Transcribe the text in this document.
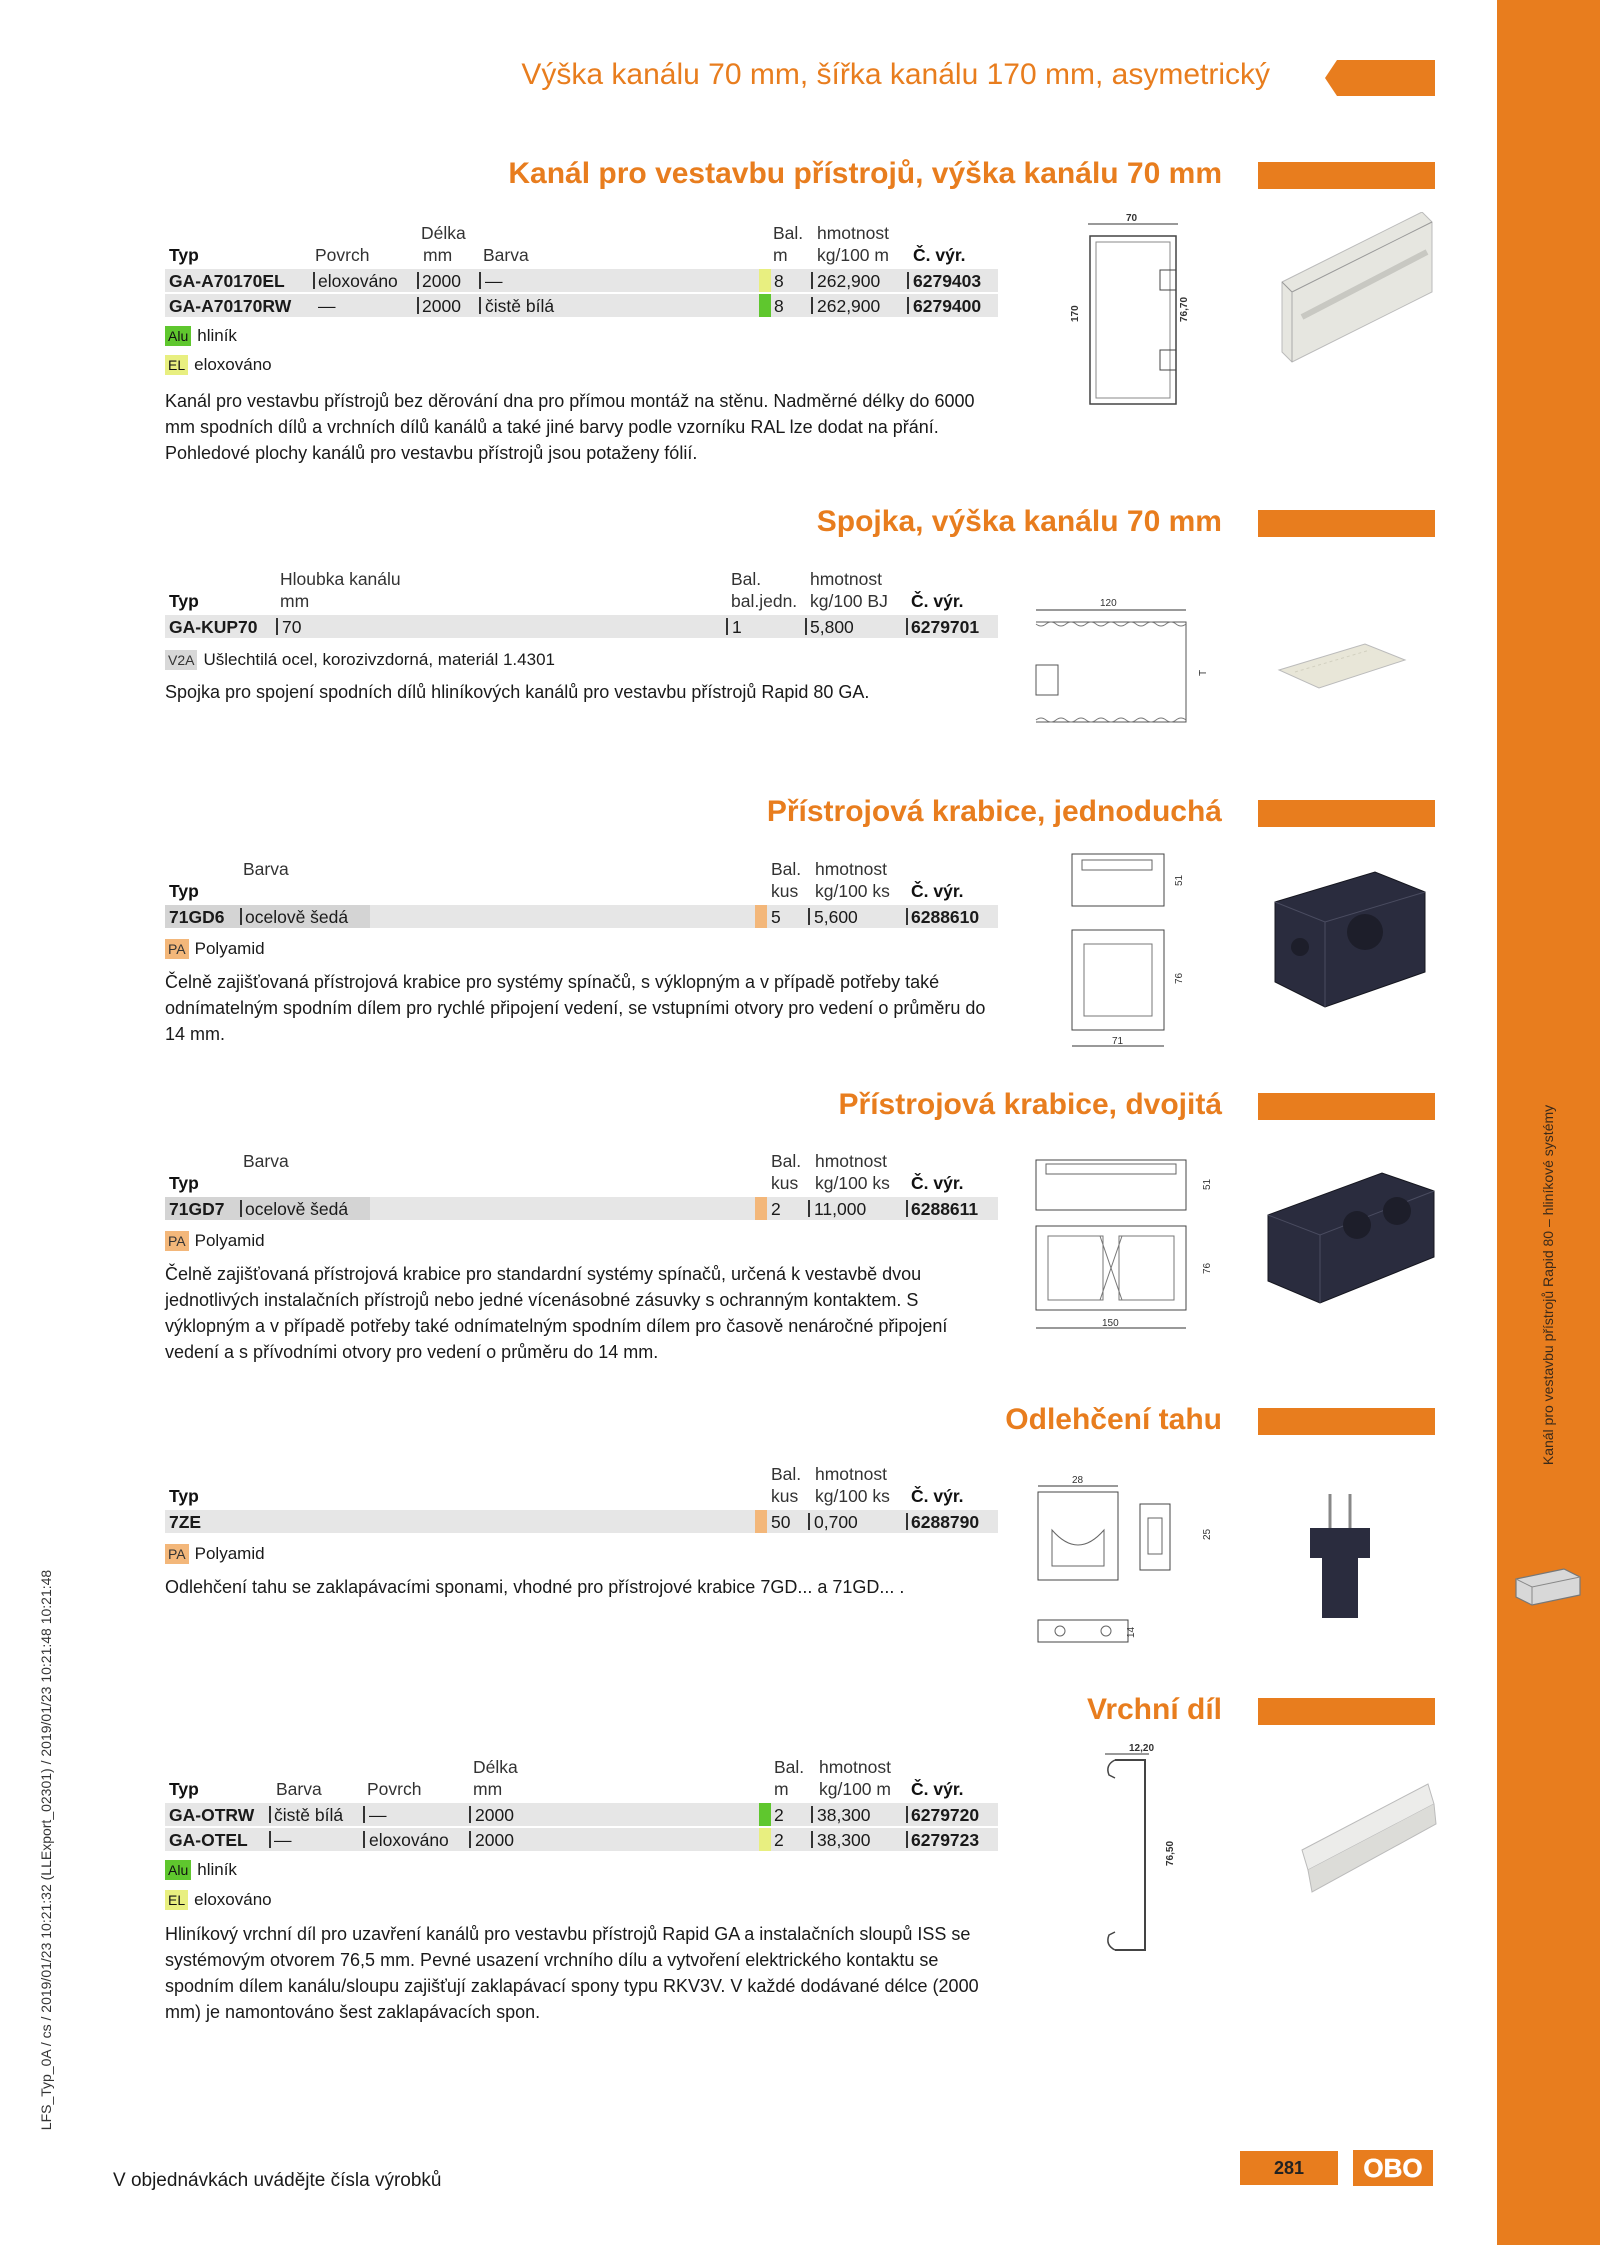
Kanál pro vestavbu přístrojů Rapid 80 – hliníkové systémy
LFS_Typ_0A / cs / 2019/01/23 10:21:32 (LLExport_02301) / 2019/01/23 10:21:48 10:21:48
Výška kanálu 70 mm, šířka kanálu 170 mm, asymetrický
Kanál pro vestavbu přístrojů, výška kanálu 70 mm
Délka	Bal. hmotnost
Typ	Povrch	mm Barva	m kg/100 m Č. výr.
GA-A70170EL eloxováno 2000 —	8 262,900 6279403
GA-A70170RW —	2000 čistě bílá	8 262,900 6279400
Alu hliník
EL eloxováno
Kanál pro vestavbu přístrojů bez děrování dna pro přímou montáž na stěnu. Nadměrné délky do 6000 mm spodních dílů a vrchních dílů kanálů a také jiné barvy podle vzorníku RAL lze dodat na přání. Pohledové plochy kanálů pro vestavbu přístrojů jsou potaženy fólií.
70
170	76,70
Spojka, výška kanálu 70 mm
Hloubka kanálu	Bal.	hmotnost
Typ	mm	bal.jedn. kg/100 BJ Č. výr.
GA-KUP70 70	1	5,800	6279701
V2A Ušlechtilá ocel, korozivzdorná, materiál 1.4301
Spojka pro spojení spodních dílů hliníkových kanálů pro vestavbu přístrojů Rapid 80 GA.
120
T
Přístrojová krabice, jednoduchá
Barva	Bal. hmotnost
Typ	kus kg/100 ks Č. výr.
71GD6 ocelově šedá	5 5,600	6288610
PA Polyamid
Čelně zajišťovaná přístrojová krabice pro systémy spínačů, s výklopným a v případě potřeby také odnímatelným spodním dílem pro rychlé připojení vedení, se vstupními otvory pro vedení o průměru do 14 mm.
51
76
71
Přístrojová krabice, dvojitá
Barva	Bal. hmotnost
Typ	kus kg/100 ks Č. výr.
71GD7 ocelově šedá	2 11,000	6288611
PA Polyamid
Čelně zajišťovaná přístrojová krabice pro standardní systémy spínačů, určená k vestavbě dvou jednotlivých instalačních přístrojů nebo jedné vícenásobné zásuvky s ochranným kontaktem. S výklopným a v případě potřeby také odnímatelným spodním dílem pro časově nenáročné připojení vedení a s přívodními otvory pro vedení o průměru do 14 mm.
51
76
150
Odlehčení tahu
Bal. hmotnost
Typ	kus kg/100 ks Č. výr.
7ZE	50 0,700	6288790
PA Polyamid
Odlehčení tahu se zaklapávacími sponami, vhodné pro přístrojové krabice 7GD... a 71GD... .
28
25
14
Vrchní díl
Délka	Bal. hmotnost
Typ	Barva	Povrch	mm	m kg/100 m Č. výr.
GA-OTRW čistě bílá —	2000	2 38,300 6279720
GA-OTEL —	eloxováno 2000	2 38,300 6279723
Alu hliník
EL eloxováno
Hliníkový vrchní díl pro uzavření kanálů pro vestavbu přístrojů Rapid GA a instalačních sloupů ISS se systémovým otvorem 76,5 mm. Pevné usazení vrchního dílu a vytvoření elektrického kontaktu se spodním dílem kanálu/sloupu zajišťují zaklapávací spony typu RKV3V. V každé dodávané délce (2000 mm) je namontováno šest zaklapávacích spon.
12,20
76,50
V objednávkách uvádějte čísla výrobků
281	OBO
